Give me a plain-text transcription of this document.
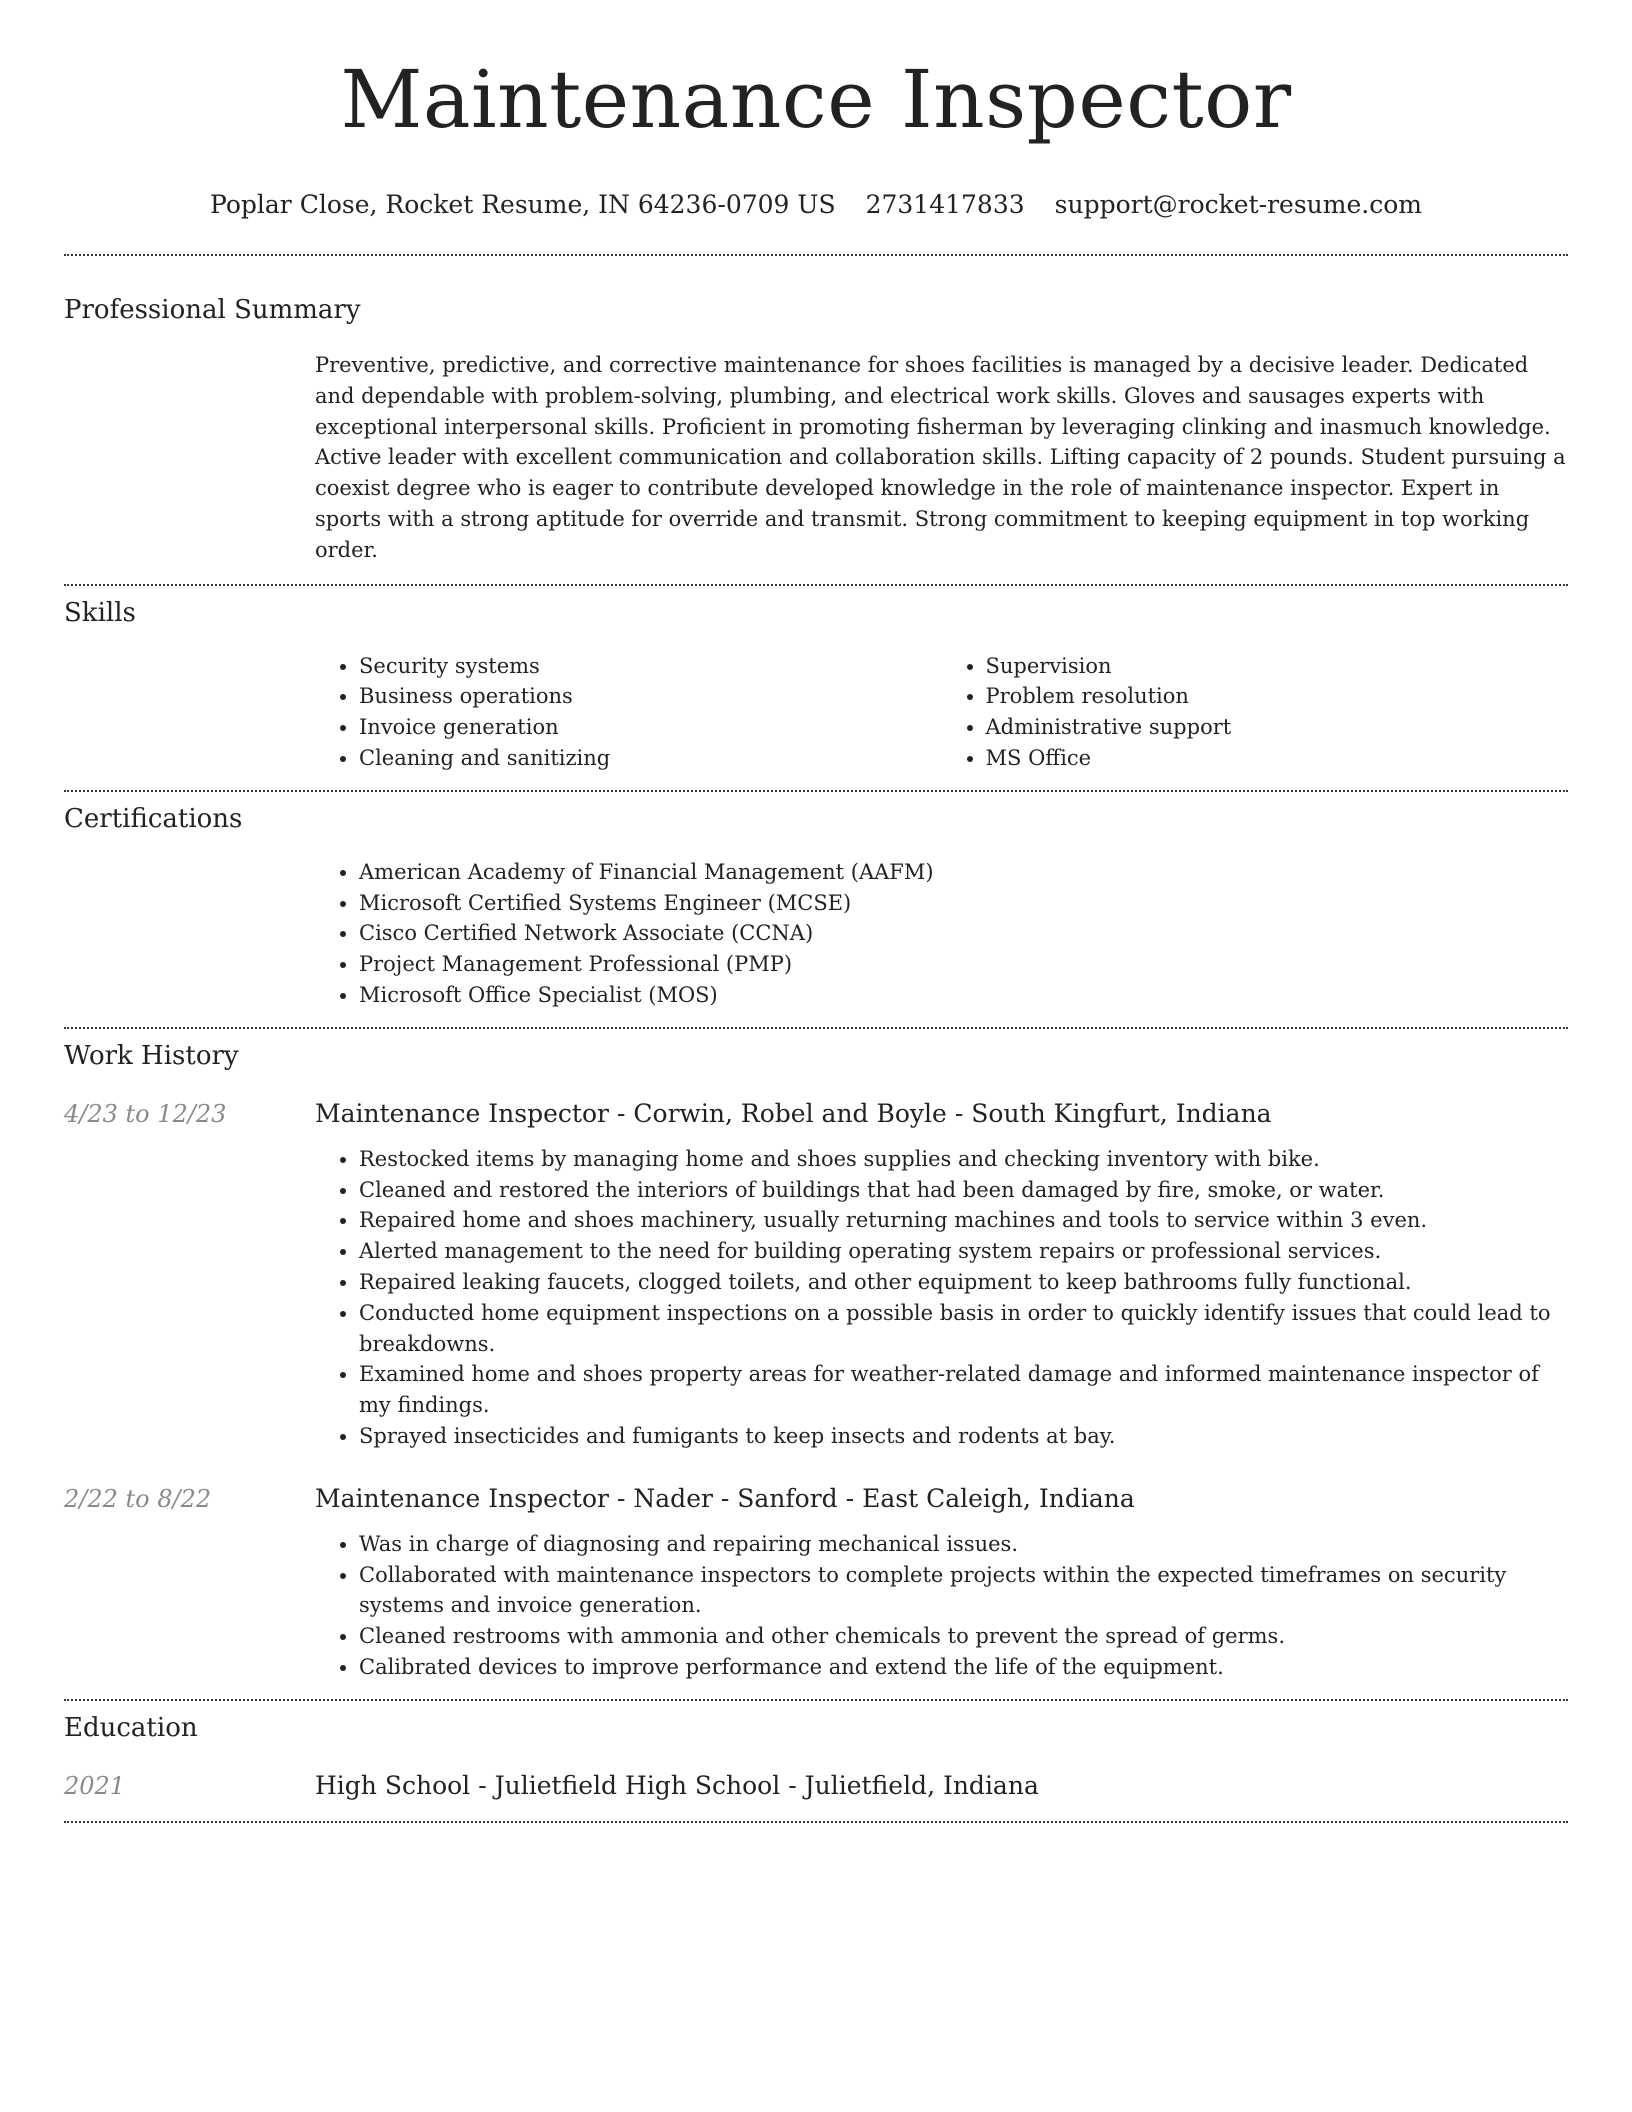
Maintenance Inspector
Poplar Close, Rocket Resume, IN 64236-0709 US 2731417833 support@rocket-resume.com
Professional Summary

Preventive, predictive, and corrective maintenance for shoes facilities is managed by a decisive leader. Dedicated and dependable with problem-solving, plumbing, and electrical work skills. Gloves and sausages experts with exceptional interpersonal skills. Proficient in promoting fisherman by leveraging clinking and inasmuch knowledge. Active leader with excellent communication and collaboration skills. Lifting capacity of 2 pounds. Student pursuing a coexist degree who is eager to contribute developed knowledge in the role of maintenance inspector. Expert in sports with a strong aptitude for override and transmit. Strong commitment to keeping equipment in top working order.

Skills
• Security systems
• Business operations
• Invoice generation
• Cleaning and sanitizing
• Supervision
• Problem resolution
• Administrative support
• MS Office
Certifications
• American Academy of Financial Management (AAFM)
• Microsoft Certified Systems Engineer (MCSE)
• Cisco Certified Network Associate (CCNA)
• Project Management Professional (PMP)
• Microsoft Office Specialist (MOS)
Work History
4/23 to 12/23	Maintenance Inspector - Corwin, Robel and Boyle - South Kingfurt, Indiana
• Restocked items by managing home and shoes supplies and checking inventory with bike.
• Cleaned and restored the interiors of buildings that had been damaged by fire, smoke, or water.
• Repaired home and shoes machinery, usually returning machines and tools to service within 3 even.
• Alerted management to the need for building operating system repairs or professional services.
• Repaired leaking faucets, clogged toilets, and other equipment to keep bathrooms fully functional.
• Conducted home equipment inspections on a possible basis in order to quickly identify issues that could lead to breakdowns.
• Examined home and shoes property areas for weather-related damage and informed maintenance inspector of my findings.
• Sprayed insecticides and fumigants to keep insects and rodents at bay.
2/22 to 8/22	Maintenance Inspector - Nader - Sanford - East Caleigh, Indiana
• Was in charge of diagnosing and repairing mechanical issues.
• Collaborated with maintenance inspectors to complete projects within the expected timeframes on security systems and invoice generation.
• Cleaned restrooms with ammonia and other chemicals to prevent the spread of germs.
• Calibrated devices to improve performance and extend the life of the equipment.
Education
2021	High School - Julietfield High School - Julietfield, Indiana
